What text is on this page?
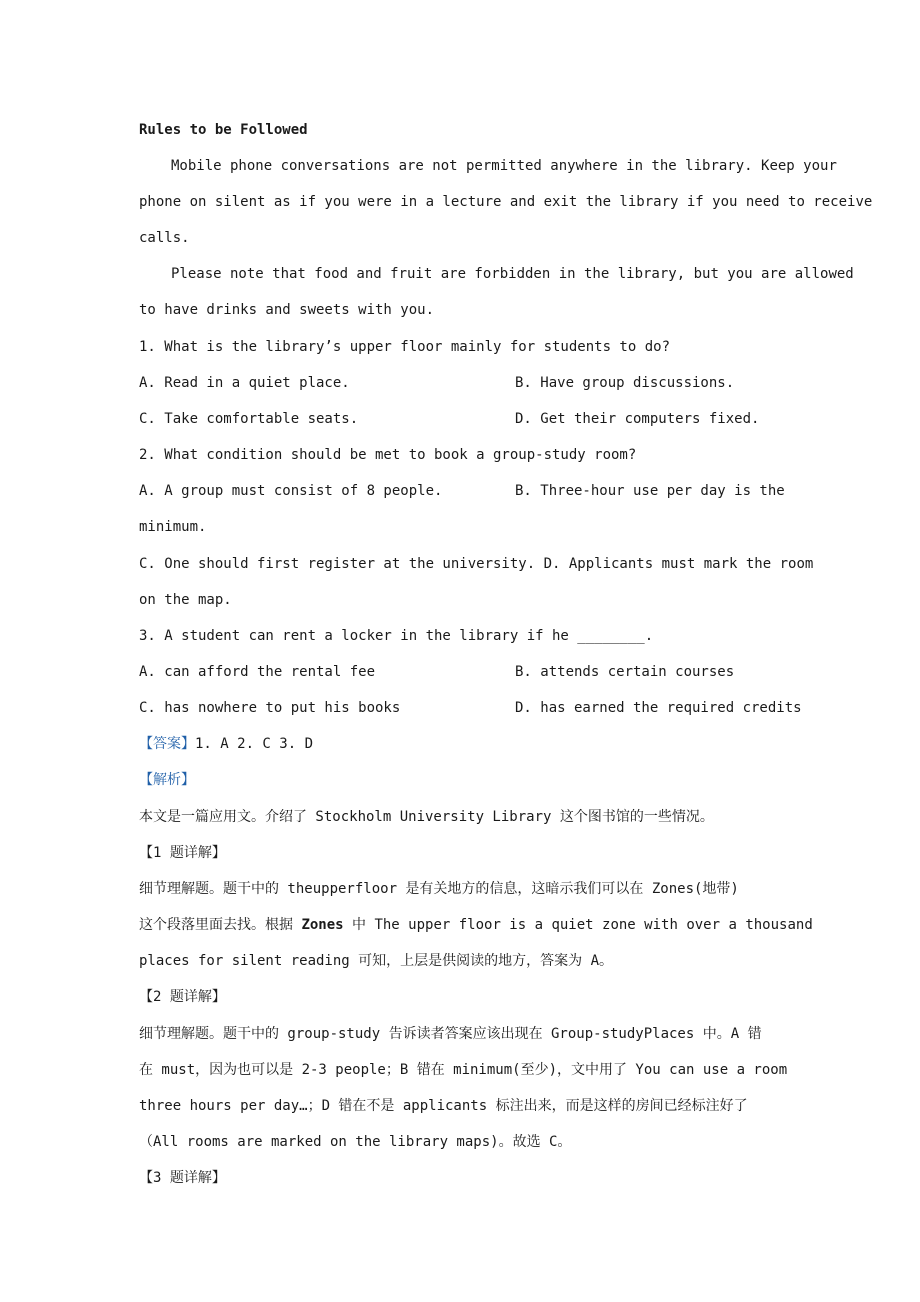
Rules to be Followed
Mobile phone conversations are not permitted anywhere in the library. Keep your
phone on silent as if you were in a lecture and exit the library if you need to receive
calls.
Please note that food and fruit are forbidden in the library, but you are allowed
to have drinks and sweets with you.
1. What is the library’s upper floor mainly for students to do?
A. Read in a quiet place.	B. Have group discussions.
C. Take comfortable seats.	D. Get their computers fixed.
2. What condition should be met to book a group-study room?
A. A group must consist of 8 people.	B. Three-hour use per day is the
minimum.
C. One should first register at the university. D. Applicants must mark the room
on the map.
3. A student can rent a locker in the library if he ________.
A. can afford the rental fee	B. attends certain courses
C. has nowhere to put his books	D. has earned the required credits
【答案】1. A 2. C 3. D
【解析】
本文是一篇应用文。介绍了 Stockholm University Library 这个图书馆的一些情况。
【1 题详解】
细节理解题。题干中的 theupperfloor 是有关地方的信息，这暗示我们可以在 Zones(地带)
这个段落里面去找。根据 Zones 中 The upper floor is a quiet zone with over a thousand
places for silent reading 可知，上层是供阅读的地方，答案为 A。
【2 题详解】
细节理解题。题干中的 group-study 告诉读者答案应该出现在 Group-studyPlaces 中。A 错
在 must，因为也可以是 2-3 people；B 错在 minimum(至少)，文中用了 You can use a room
three hours per day…；D 错在不是 applicants 标注出来，而是这样的房间已经标注好了
（All rooms are marked on the library maps)。故选 C。
【3 题详解】
